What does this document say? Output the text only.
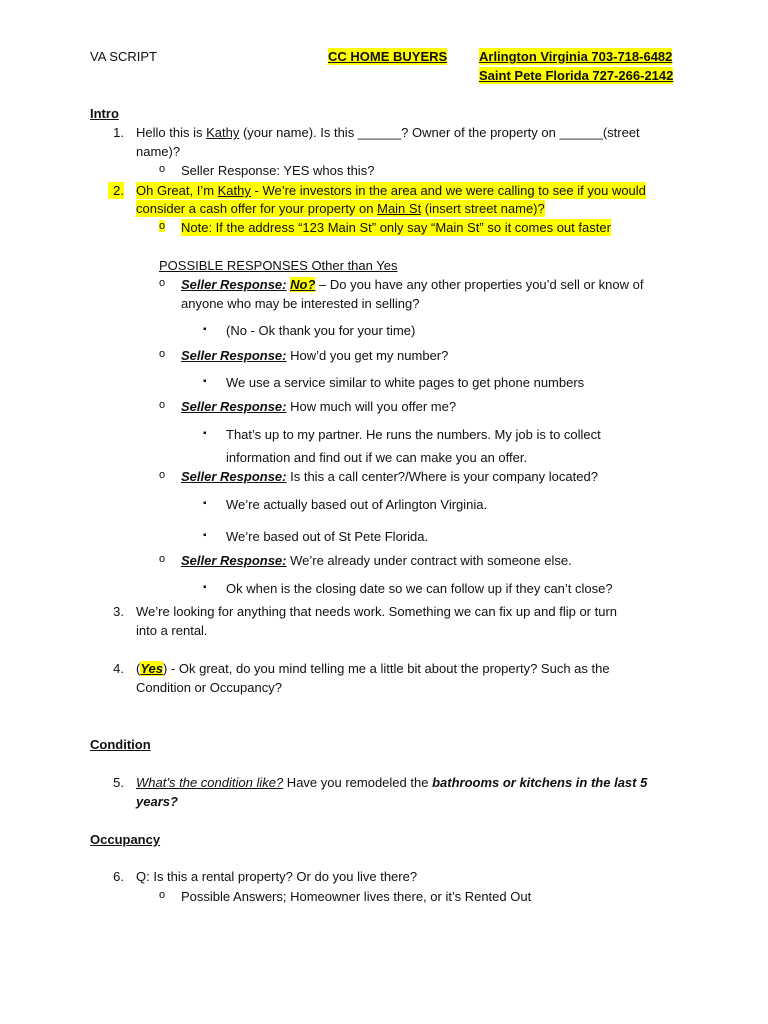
VA SCRIPT	CC HOME BUYERS Arlington Virginia 703-718-6482
Saint Pete Florida 727-266-2142
Intro
1. Hello this is Kathy (your name). Is this ______? Owner of the property on ______(street
name)?
o Seller Response: YES whos this?
2. Oh Great, I’m Kathy - We’re investors in the area and we were calling to see if you would
consider a cash offer for your property on Main St (insert street name)?
o Note: If the address “123 Main St” only say “Main St” so it comes out faster
POSSIBLE RESPONSES Other than Yes
o Seller Response: No? – Do you have any other properties you’d sell or know of
anyone who may be interested in selling?
▪ (No - Ok thank you for your time)
o Seller Response: How’d you get my number?
▪ We use a service similar to white pages to get phone numbers
o Seller Response: How much will you offer me?
▪ That’s up to my partner. He runs the numbers. My job is to collect
information and find out if we can make you an offer.
o Seller Response: Is this a call center?/Where is your company located?
▪ We’re actually based out of Arlington Virginia.
▪ We’re based out of St Pete Florida.
o Seller Response: We’re already under contract with someone else.
▪ Ok when is the closing date so we can follow up if they can’t close?
3. We’re looking for anything that needs work. Something we can fix up and flip or turn
into a rental.
4. (Yes) - Ok great, do you mind telling me a little bit about the property? Such as the
Condition or Occupancy?
Condition
5. What’s the condition like? Have you remodeled the bathrooms or kitchens in the last 5
years?
Occupancy
6. Q: Is this a rental property? Or do you live there?
o Possible Answers; Homeowner lives there, or it’s Rented Out
